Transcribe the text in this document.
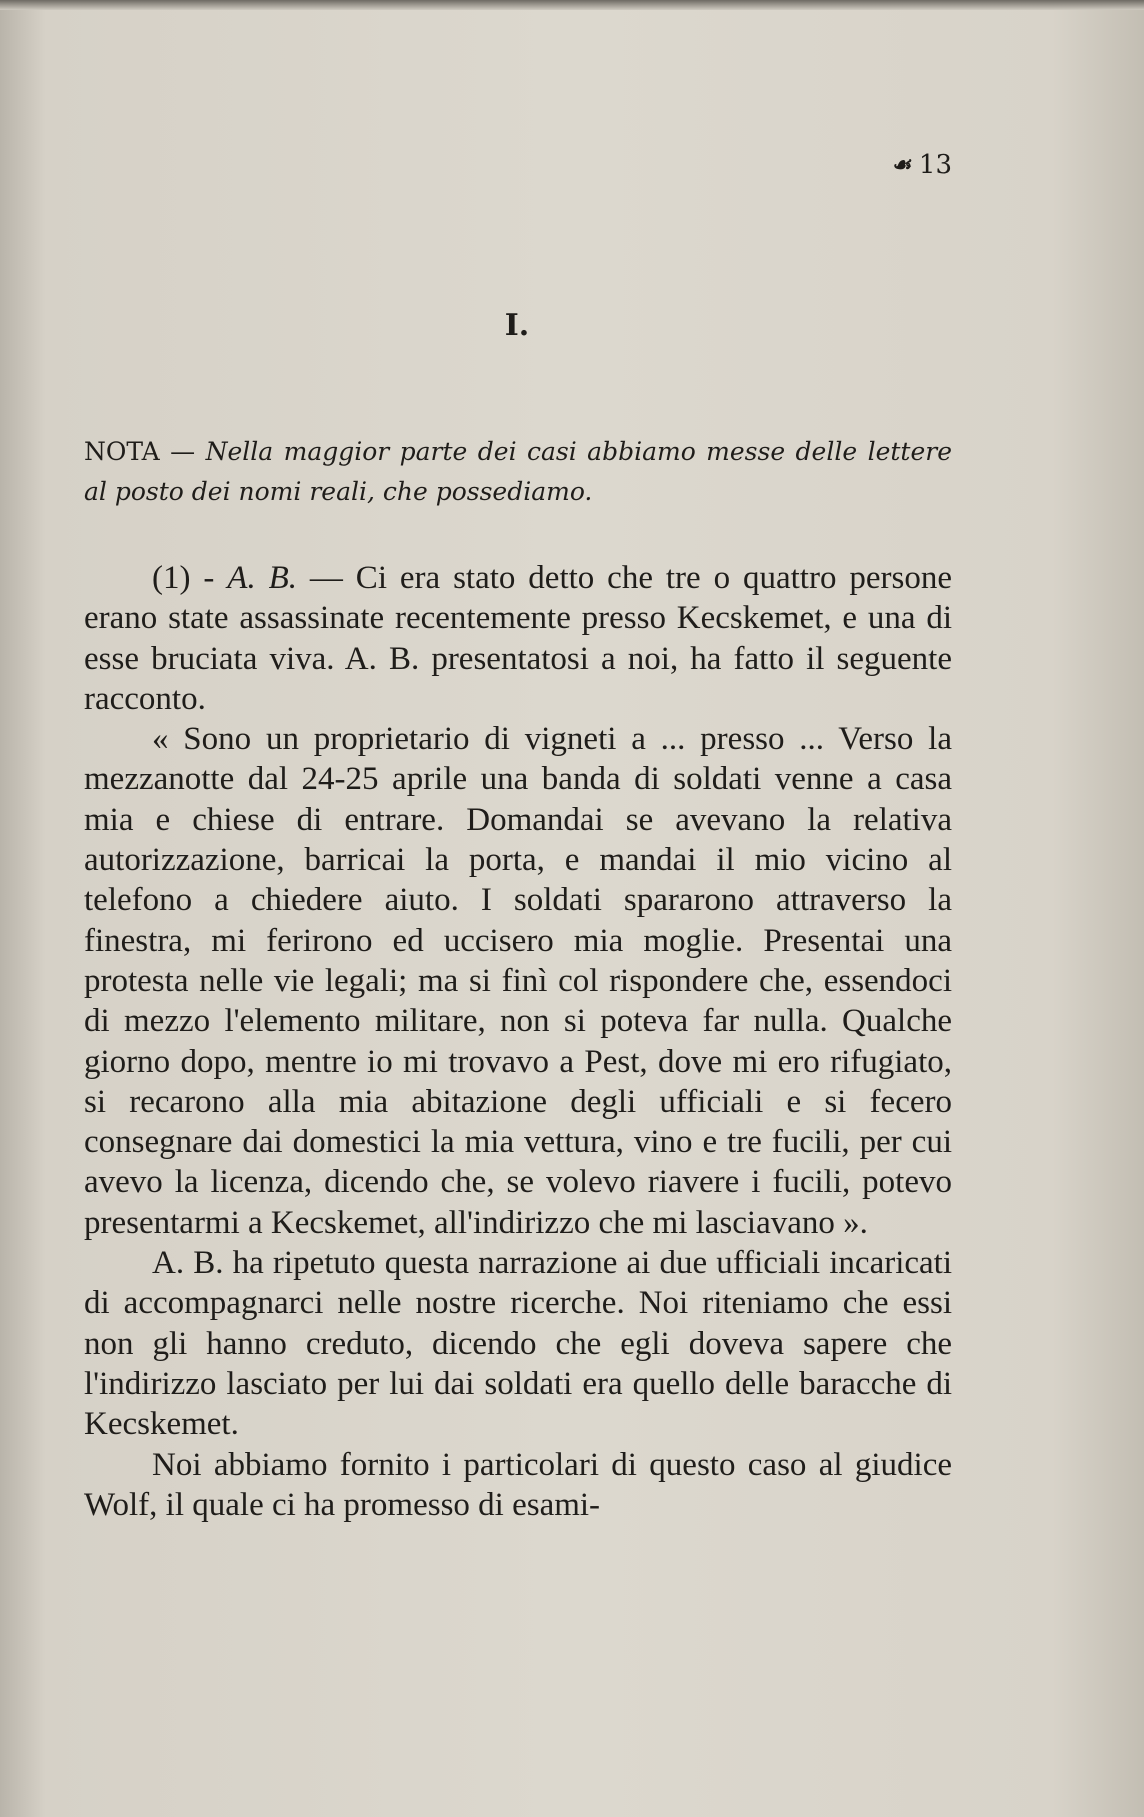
☙ 13
I.
NOTA — Nella maggior parte dei casi abbiamo messe delle lettere al posto dei nomi reali, che possediamo.

(1) - A. B. — Ci era stato detto che tre o quattro persone erano state assassinate recentemente presso Kecskemet, e una di esse bruciata viva. A. B. presentatosi a noi, ha fatto il seguente racconto.

« Sono un proprietario di vigneti a ... presso ... Verso la mezzanotte dal 24-25 aprile una banda di soldati venne a casa mia e chiese di entrare. Domandai se avevano la relativa autorizzazione, barricai la porta, e mandai il mio vicino al telefono a chiedere aiuto. I soldati spararono attraverso la finestra, mi ferirono ed uccisero mia moglie. Presentai una protesta nelle vie legali; ma si finì col rispondere che, essendoci di mezzo l'elemento militare, non si poteva far nulla. Qualche giorno dopo, mentre io mi trovavo a Pest, dove mi ero rifugiato, si recarono alla mia abitazione degli ufficiali e si fecero consegnare dai domestici la mia vettura, vino e tre fucili, per cui avevo la licenza, dicendo che, se volevo riavere i fucili, potevo presentarmi a Kecskemet, all'indirizzo che mi lasciavano ».

A. B. ha ripetuto questa narrazione ai due ufficiali incaricati di accompagnarci nelle nostre ricerche. Noi riteniamo che essi non gli hanno creduto, dicendo che egli doveva sapere che l'indirizzo lasciato per lui dai soldati era quello delle baracche di Kecskemet.

Noi abbiamo fornito i particolari di questo caso al giudice Wolf, il quale ci ha promesso di esami-
